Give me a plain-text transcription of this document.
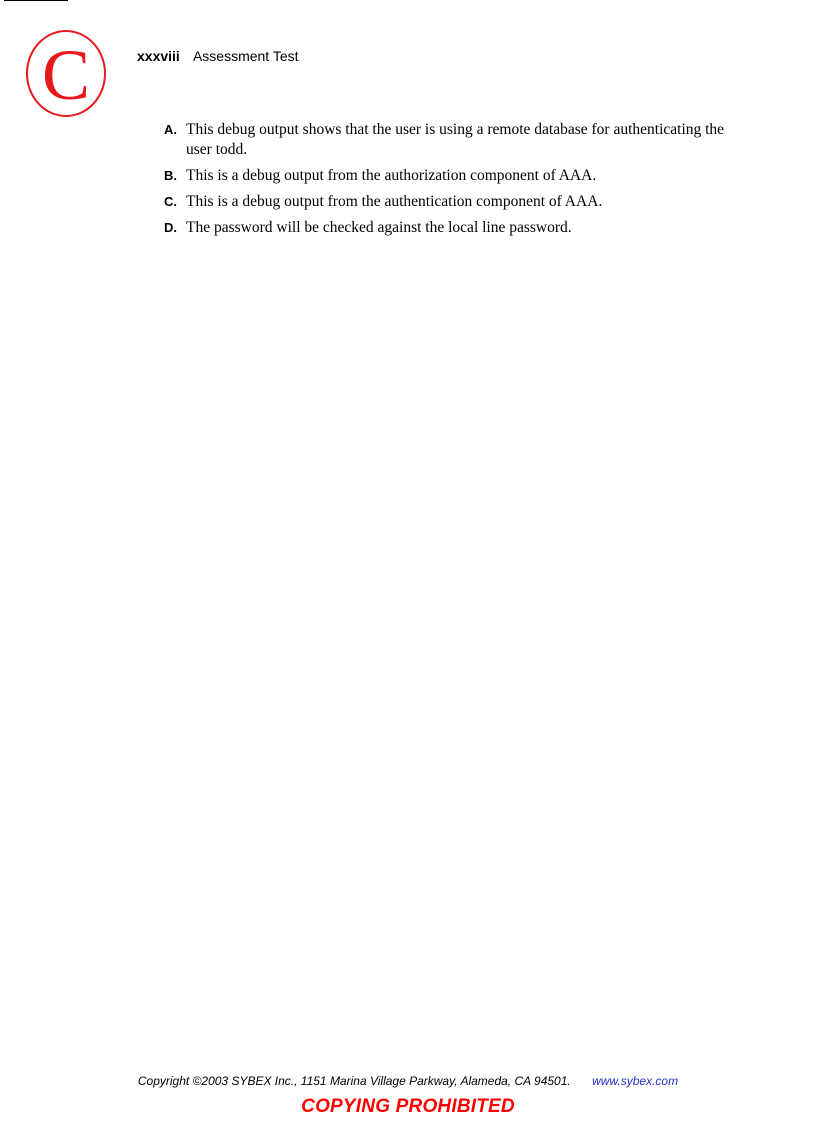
C	xxxviii Assessment Test
A. This debug output shows that the user is using a remote database for authenticating the user todd.
B. This is a debug output from the authorization component of AAA.
C. This is a debug output from the authentication component of AAA.
D. The password will be checked against the local line password.
Copyright ©2003 SYBEX Inc., 1151 Marina Village Parkway, Alameda, CA 94501. www.sybex.com
COPYING PROHIBITED
